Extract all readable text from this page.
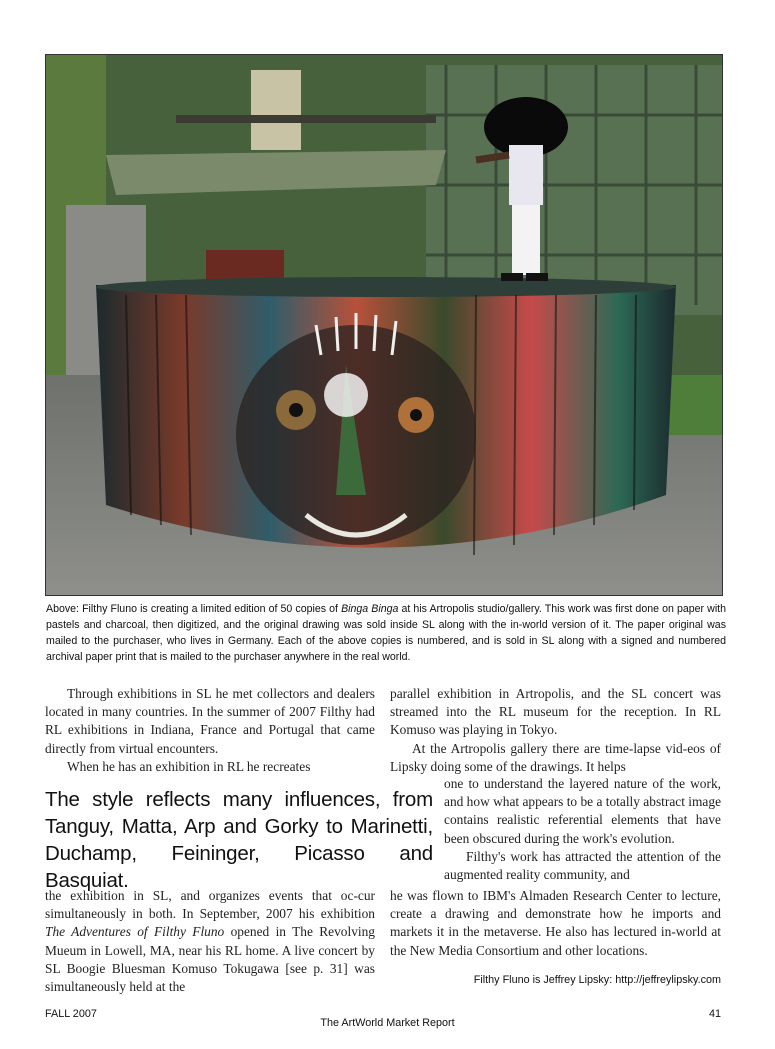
Above: Filthy Fluno is creating a limited edition of 50 copies of Binga Binga at his Artropolis studio/gallery. This work was first done on paper with pastels and charcoal, then digitized, and the original drawing was sold inside SL along with the in-world version of it. The paper original was mailed to the purchaser, who lives in Germany. Each of the above copies is numbered, and is sold in SL along with a signed and numbered archival paper print that is mailed to the purchaser anywhere in the real world.

Through exhibitions in SL he met collectors and dealers located in many countries. In the summer of 2007 Filthy had RL exhibitions in Indiana, France and Portugal that came directly from virtual encounters.

When he has an exhibition in RL he recreates

The style reflects many influences, from Tanguy, Matta, Arp and Gorky to Marinetti, Duchamp, Feininger, Picasso and Basquiat.

the exhibition in SL, and organizes events that oc-cur simultaneously in both. In September, 2007 his exhibition The Adventures of Filthy Fluno opened in The Revolving Mueum in Lowell, MA, near his RL home. A live concert by SL Boogie Bluesman Komuso Tokugawa [see p. 31] was simultaneously held at the

parallel exhibition in Artropolis, and the SL concert was streamed into the RL museum for the reception. In RL Komuso was playing in Tokyo.

At the Artropolis gallery there are time-lapse vid-eos of Lipsky doing some of the drawings. It helps

one to understand the layered nature of the work, and how what appears to be a totally abstract image contains realistic referential elements that have been obscured during the work's evolution.

Filthy's work has attracted the attention of the augmented reality community, and

he was flown to IBM's Almaden Research Center to lecture, create a drawing and demonstrate how he imports and markets it in the metaverse. He also has lectured in-world at the New Media Consortium and other locations.

Filthy Fluno is Jeffrey Lipsky: http://jeffreylipsky.com
FALL 2007	41
The ArtWorld Market Report
